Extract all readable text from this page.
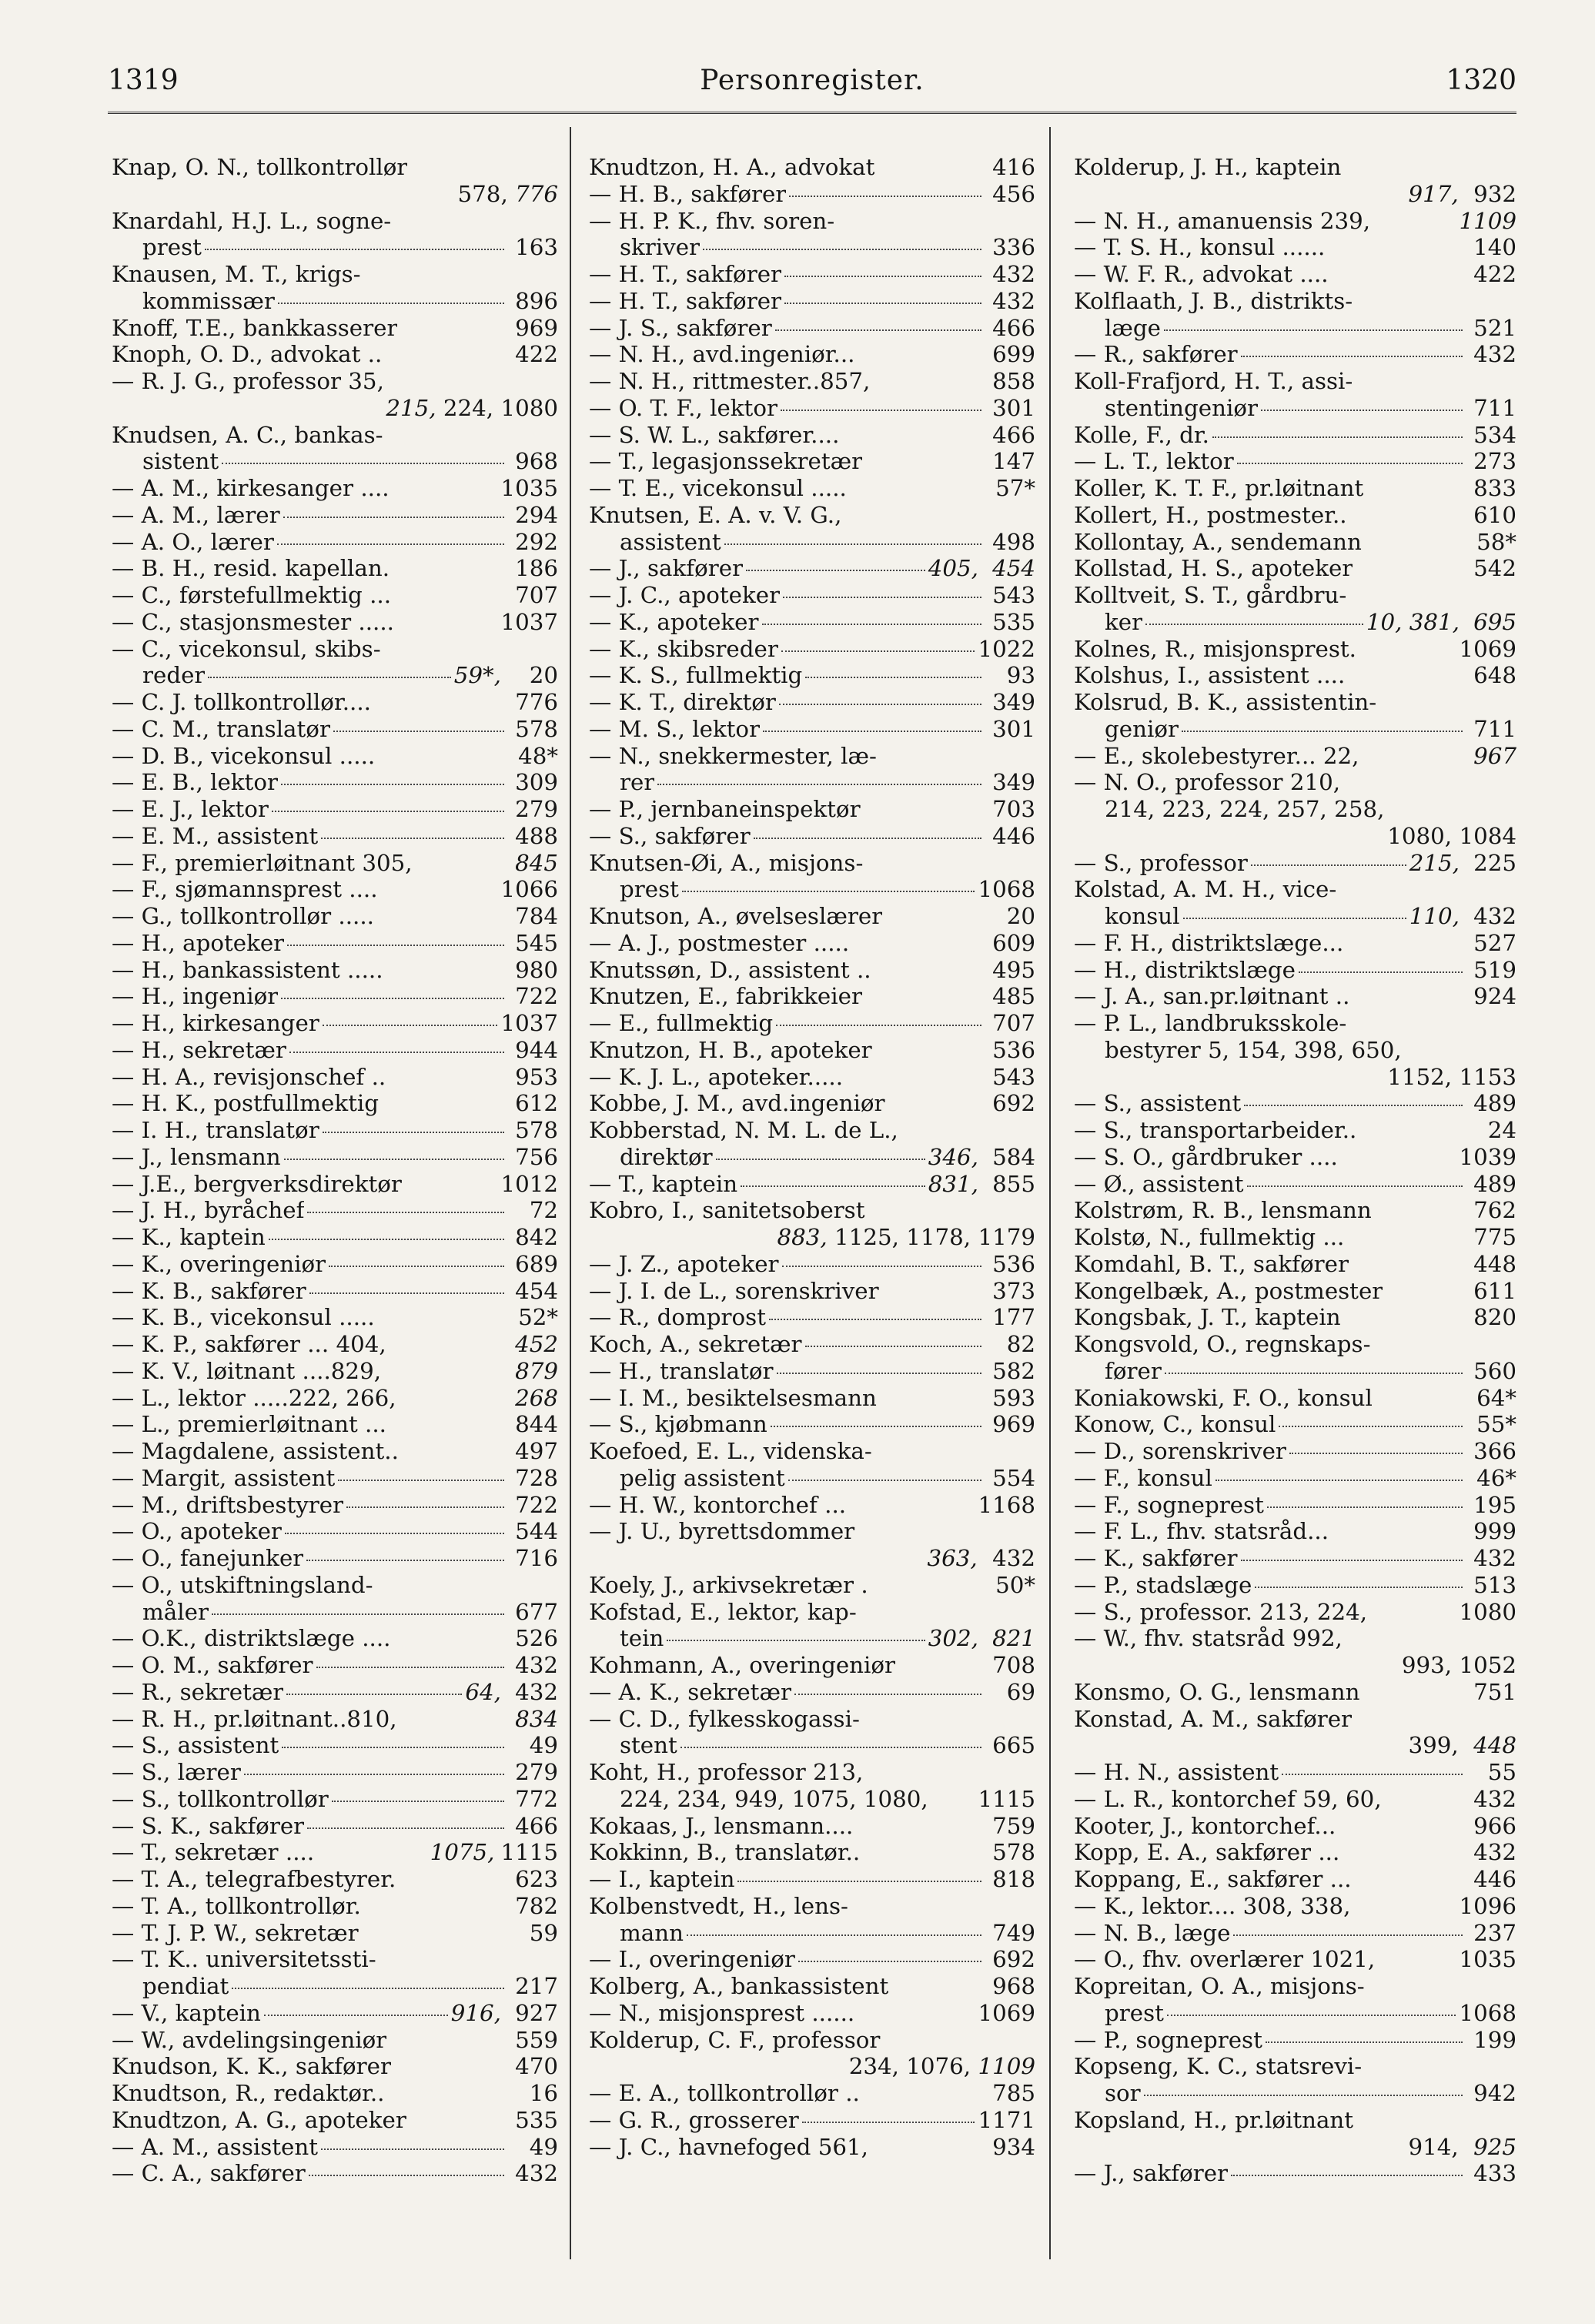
1319	Personregister.	1320
Knap, O. N., tollkontrollør
578, 776
Knardahl, H.J. L., sogne-
prest	163
Knausen, M. T., krigs-
kommissær	896
Knoff, T.E., bankkasserer	969
Knoph, O. D., advokat ..	422
— R. J. G., professor 35,
215, 224, 1080
Knudsen, A. C., bankas-
sistent	968
— A. M., kirkesanger ....	1035
— A. M., lærer	294
— A. O., lærer	292
— B. H., resid. kapellan.	186
— C., førstefullmektig ...	707
— C., stasjonsmester .....	1037
— C., vicekonsul, skibs-
reder	59*,	20
— C. J. tollkontrollør....	776
— C. M., translatør	578
— D. B., vicekonsul .....	48*
— E. B., lektor	309
— E. J., lektor	279
— E. M., assistent	488
— F., premierløitnant 305,	845
— F., sjømannsprest ....	1066
— G., tollkontrollør .....	784
— H., apoteker	545
— H., bankassistent .....	980
— H., ingeniør	722
— H., kirkesanger	1037
— H., sekretær	944
— H. A., revisjonschef ..	953
— H. K., postfullmektig	612
— I. H., translatør	578
— J., lensmann	756
— J.E., bergverksdirektør	1012
— J. H., byråchef	72
— K., kaptein	842
— K., overingeniør	689
— K. B., sakfører	454
— K. B., vicekonsul .....	52*
— K. P., sakfører ... 404,	452
— K. V., løitnant ....829,	879
— L., lektor .....222, 266,	268
— L., premierløitnant ...	844
— Magdalene, assistent..	497
— Margit, assistent	728
— M., driftsbestyrer	722
— O., apoteker	544
— O., fanejunker	716
— O., utskiftningsland-
måler	677
— O.K., distriktslæge ....	526
— O. M., sakfører	432
— R., sekretær	64, 432
— R. H., pr.løitnant..810,	834
— S., assistent	49
— S., lærer	279
— S., tollkontrollør	772
— S. K., sakfører	466
— T., sekretær ....	1075, 1115
— T. A., telegrafbestyrer.	623
— T. A., tollkontrollør.	782
— T. J. P. W., sekretær	59
— T. K.. universitetssti-
pendiat	217
— V., kaptein	916, 927
— W., avdelingsingeniør	559
Knudson, K. K., sakfører	470
Knudtson, R., redaktør..	16
Knudtzon, A. G., apoteker	535
— A. M., assistent	49
— C. A., sakfører	432
Knudtzon, H. A., advokat	416
— H. B., sakfører	456
— H. P. K., fhv. soren-
skriver	336
— H. T., sakfører	432
— H. T., sakfører	432
— J. S., sakfører	466
— N. H., avd.ingeniør...	699
— N. H., rittmester..857,	858
— O. T. F., lektor	301
— S. W. L., sakfører....	466
— T., legasjonssekretær	147
— T. E., vicekonsul .....	57*
Knutsen, E. A. v. V. G.,
assistent	498
— J., sakfører	405, 454
— J. C., apoteker	543
— K., apoteker	535
— K., skibsreder	1022
— K. S., fullmektig	93
— K. T., direktør	349
— M. S., lektor	301
— N., snekkermester, læ-
rer	349
— P., jernbaneinspektør	703
— S., sakfører	446
Knutsen-Øi, A., misjons-
prest	1068
Knutson, A., øvelseslærer	20
— A. J., postmester .....	609
Knutssøn, D., assistent ..	495
Knutzen, E., fabrikkeier	485
— E., fullmektig	707
Knutzon, H. B., apoteker	536
— K. J. L., apoteker.....	543
Kobbe, J. M., avd.ingeniør	692
Kobberstad, N. M. L. de L.,
direktør	346, 584
— T., kaptein	831, 855
Kobro, I., sanitetsoberst
883, 1125, 1178, 1179
— J. Z., apoteker	536
— J. I. de L., sorenskriver	373
— R., domprost	177
Koch, A., sekretær	82
— H., translatør	582
— I. M., besiktelsesmann	593
— S., kjøbmann	969
Koefoed, E. L., videnska-
pelig assistent	554
— H. W., kontorchef ...	1168
— J. U., byrettsdommer
363, 432
Koely, J., arkivsekretær .	50*
Kofstad, E., lektor, kap-
tein	302, 821
Kohmann, A., overingeniør	708
— A. K., sekretær	69
— C. D., fylkesskogassi-
stent	665
Koht, H., professor 213,
224, 234, 949, 1075, 1080, 1115
Kokaas, J., lensmann....	759
Kokkinn, B., translatør..	578
— I., kaptein	818
Kolbenstvedt, H., lens-
mann	749
— I., overingeniør	692
Kolberg, A., bankassistent	968
— N., misjonsprest ......	1069
Kolderup, C. F., professor
234, 1076, 1109
— E. A., tollkontrollør ..	785
— G. R., grosserer	1171
— J. C., havnefoged 561,	934
Kolderup, J. H., kaptein
917, 932
— N. H., amanuensis 239,	1109
— T. S. H., konsul ......	140
— W. F. R., advokat ....	422
Kolflaath, J. B., distrikts-
læge	521
— R., sakfører	432
Koll-Frafjord, H. T., assi-
stentingeniør	711
Kolle, F., dr.	534
— L. T., lektor	273
Koller, K. T. F., pr.løitnant	833
Kollert, H., postmester..	610
Kollontay, A., sendemann	58*
Kollstad, H. S., apoteker	542
Kolltveit, S. T., gårdbru-
ker	10, 381, 695
Kolnes, R., misjonsprest.	1069
Kolshus, I., assistent ....	648
Kolsrud, B. K., assistentin-
geniør	711
— E., skolebestyrer... 22,	967
— N. O., professor 210,
214, 223, 224, 257, 258,
1080, 1084
— S., professor	215, 225
Kolstad, A. M. H., vice-
konsul	110, 432
— F. H., distriktslæge...	527
— H., distriktslæge	519
— J. A., san.pr.løitnant ..	924
— P. L., landbruksskole-
bestyrer 5, 154, 398, 650,
1152, 1153
— S., assistent	489
— S., transportarbeider..	24
— S. O., gårdbruker ....	1039
— Ø., assistent	489
Kolstrøm, R. B., lensmann	762
Kolstø, N., fullmektig ...	775
Komdahl, B. T., sakfører	448
Kongelbæk, A., postmester	611
Kongsbak, J. T., kaptein	820
Kongsvold, O., regnskaps-
fører	560
Koniakowski, F. O., konsul	64*
Konow, C., konsul	55*
— D., sorenskriver	366
— F., konsul	46*
— F., sogneprest	195
— F. L., fhv. statsråd...	999
— K., sakfører	432
— P., stadslæge	513
— S., professor. 213, 224,	1080
— W., fhv. statsråd 992,
993, 1052
Konsmo, O. G., lensmann	751
Konstad, A. M., sakfører
399, 448
— H. N., assistent	55
— L. R., kontorchef 59, 60,	432
Kooter, J., kontorchef...	966
Kopp, E. A., sakfører ...	432
Koppang, E., sakfører ...	446
— K., lektor.... 308, 338,	1096
— N. B., læge	237
— O., fhv. overlærer 1021,	1035
Kopreitan, O. A., misjons-
prest	1068
— P., sogneprest	199
Kopseng, K. C., statsrevi-
sor	942
Kopsland, H., pr.løitnant
914, 925
— J., sakfører	433
